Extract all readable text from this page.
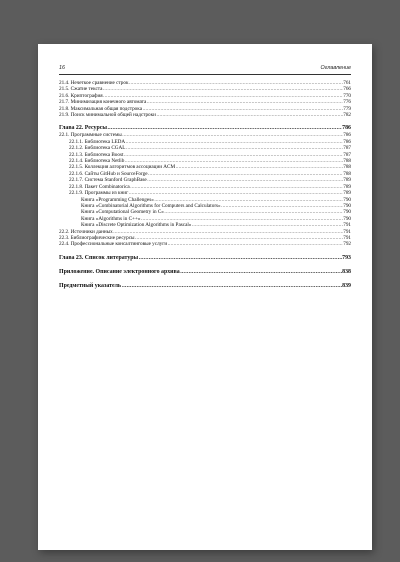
16	Оглавление
21.4. Нечеткое сравнение строк .....	761
21.5. Сжатие текста .....	766
21.6. Криптография .....	770
21.7. Минимизация конечного автомата .....	776
21.8. Максимальная общая подстрока .....	779
21.9. Поиск минимальной общей надстроки .....	782
Глава 22. Ресурсы .....	786
22.1. Программные системы .....	786
22.1.1. Библиотека LEDA .....	786
22.1.2. Библиотека CGAL .....	787
22.1.3. Библиотека Boost .....	787
22.1.4. Библиотека Netlib .....	788
22.1.5. Коллекция алгоритмов ассоциации ACM .....	788
22.1.6. Сайты GitHub и SourceForge .....	788
22.1.7. Система Stanford GraphBase .....	789
22.1.8. Пакет Combinatorica .....	789
22.1.9. Программы из книг .....	789
Книга «Programming Challenges» .....	790
Книга «Combinatorial Algorithms for Computers and Calculators» .....	790
Книга «Computational Geometry in C» .....	790
Книга «Algorithms in C++» .....	790
Книга «Discrete Optimization Algorithms in Pascal» .....	791
22.2. Источники данных .....	791
22.3. Библиографические ресурсы .....	791
22.4. Профессиональные консалтинговые услуги .....	792
Глава 23. Список литературы .....	793
Приложение. Описание электронного архива .....	838
Предметный указатель .....	839
